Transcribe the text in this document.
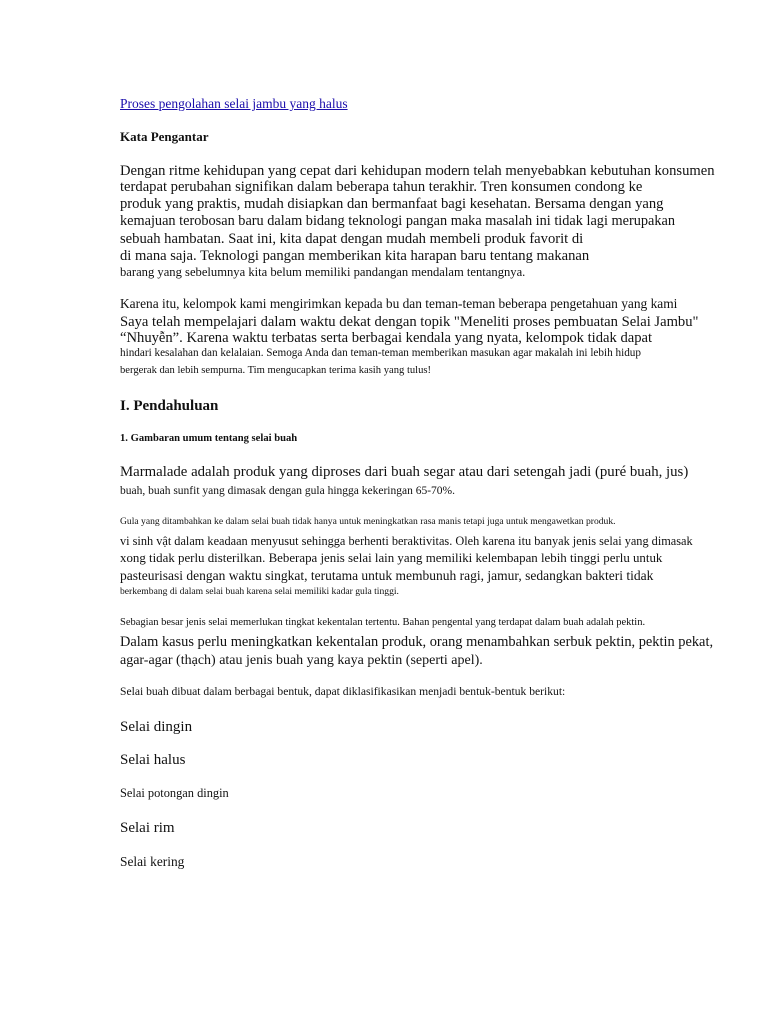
Proses pengolahan selai jambu yang halus
Kata Pengantar
Dengan ritme kehidupan yang cepat dari kehidupan modern telah menyebabkan kebutuhan konsumen
terdapat perubahan signifikan dalam beberapa tahun terakhir. Tren konsumen condong ke
produk yang praktis, mudah disiapkan dan bermanfaat bagi kesehatan. Bersama dengan yang
kemajuan terobosan baru dalam bidang teknologi pangan maka masalah ini tidak lagi merupakan
sebuah hambatan. Saat ini, kita dapat dengan mudah membeli produk favorit di
di mana saja. Teknologi pangan memberikan kita harapan baru tentang makanan
barang yang sebelumnya kita belum memiliki pandangan mendalam tentangnya.
Karena itu, kelompok kami mengirimkan kepada bu dan teman-teman beberapa pengetahuan yang kami
Saya telah mempelajari dalam waktu dekat dengan topik "Meneliti proses pembuatan Selai Jambu"
“Nhuyễn”. Karena waktu terbatas serta berbagai kendala yang nyata, kelompok tidak dapat
hindari kesalahan dan kelalaian. Semoga Anda dan teman-teman memberikan masukan agar makalah ini lebih hidup
bergerak dan lebih sempurna. Tim mengucapkan terima kasih yang tulus!
I. Pendahuluan
1. Gambaran umum tentang selai buah
Marmalade adalah produk yang diproses dari buah segar atau dari setengah jadi (puré buah, jus)
buah, buah sunfit yang dimasak dengan gula hingga kekeringan 65-70%.
Gula yang ditambahkan ke dalam selai buah tidak hanya untuk meningkatkan rasa manis tetapi juga untuk mengawetkan produk.
vi sinh vật dalam keadaan menyusut sehingga berhenti beraktivitas. Oleh karena itu banyak jenis selai yang dimasak
xong tidak perlu disterilkan. Beberapa jenis selai lain yang memiliki kelembapan lebih tinggi perlu untuk
pasteurisasi dengan waktu singkat, terutama untuk membunuh ragi, jamur, sedangkan bakteri tidak
berkembang di dalam selai buah karena selai memiliki kadar gula tinggi.
Sebagian besar jenis selai memerlukan tingkat kekentalan tertentu. Bahan pengental yang terdapat dalam buah adalah pektin.
Dalam kasus perlu meningkatkan kekentalan produk, orang menambahkan serbuk pektin, pektin pekat,
agar-agar (thạch) atau jenis buah yang kaya pektin (seperti apel).
Selai buah dibuat dalam berbagai bentuk, dapat diklasifikasikan menjadi bentuk-bentuk berikut:
Selai dingin
Selai halus
Selai potongan dingin
Selai rim
Selai kering
